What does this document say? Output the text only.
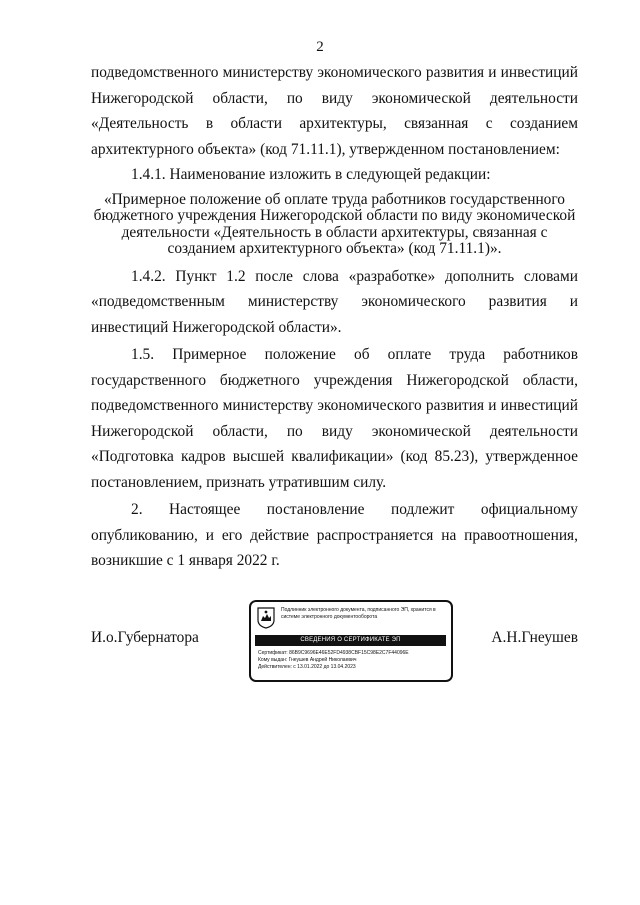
2

подведомственного министерству экономического развития и инвестиций Нижегородской области, по виду экономической деятельности «Деятельность в области архитектуры, связанная с созданием архитектурного объекта» (код 71.11.1), утвержденном постановлением:

1.4.1. Наименование изложить в следующей редакции:

«Примерное положение об оплате труда работников государственного бюджетного учреждения Нижегородской области по виду экономической деятельности «Деятельность в области архитектуры, связанная с созданием архитектурного объекта» (код 71.11.1)».

1.4.2. Пункт 1.2 после слова «разработке» дополнить словами «подведомственным министерству экономического развития и инвестиций Нижегородской области».

1.5. Примерное положение об оплате труда работников государственного бюджетного учреждения Нижегородской области, подведомственного министерству экономического развития и инвестиций Нижегородской области, по виду экономической деятельности «Подготовка кадров высшей квалификации» (код 85.23), утвержденное постановлением, признать утратившим силу.

2. Настоящее постановление подлежит официальному опубликованию, и его действие распространяется на правоотношения, возникшие с 1 января 2022 г.

И.о.Губернатора	А.Н.Гнеушев
Подлинник электронного документа, подписанного ЭП, хранится в системе электронного документооборота
СВЕДЕНИЯ О СЕРТИФИКАТЕ ЭП
Сертификат: 86B9C9696E46E52FD4938CBF15C98E2C7F44096E
Кому выдан: Гнеушев Андрей Николаевич
Действителен: с 13.01.2022 до 13.04.2023
